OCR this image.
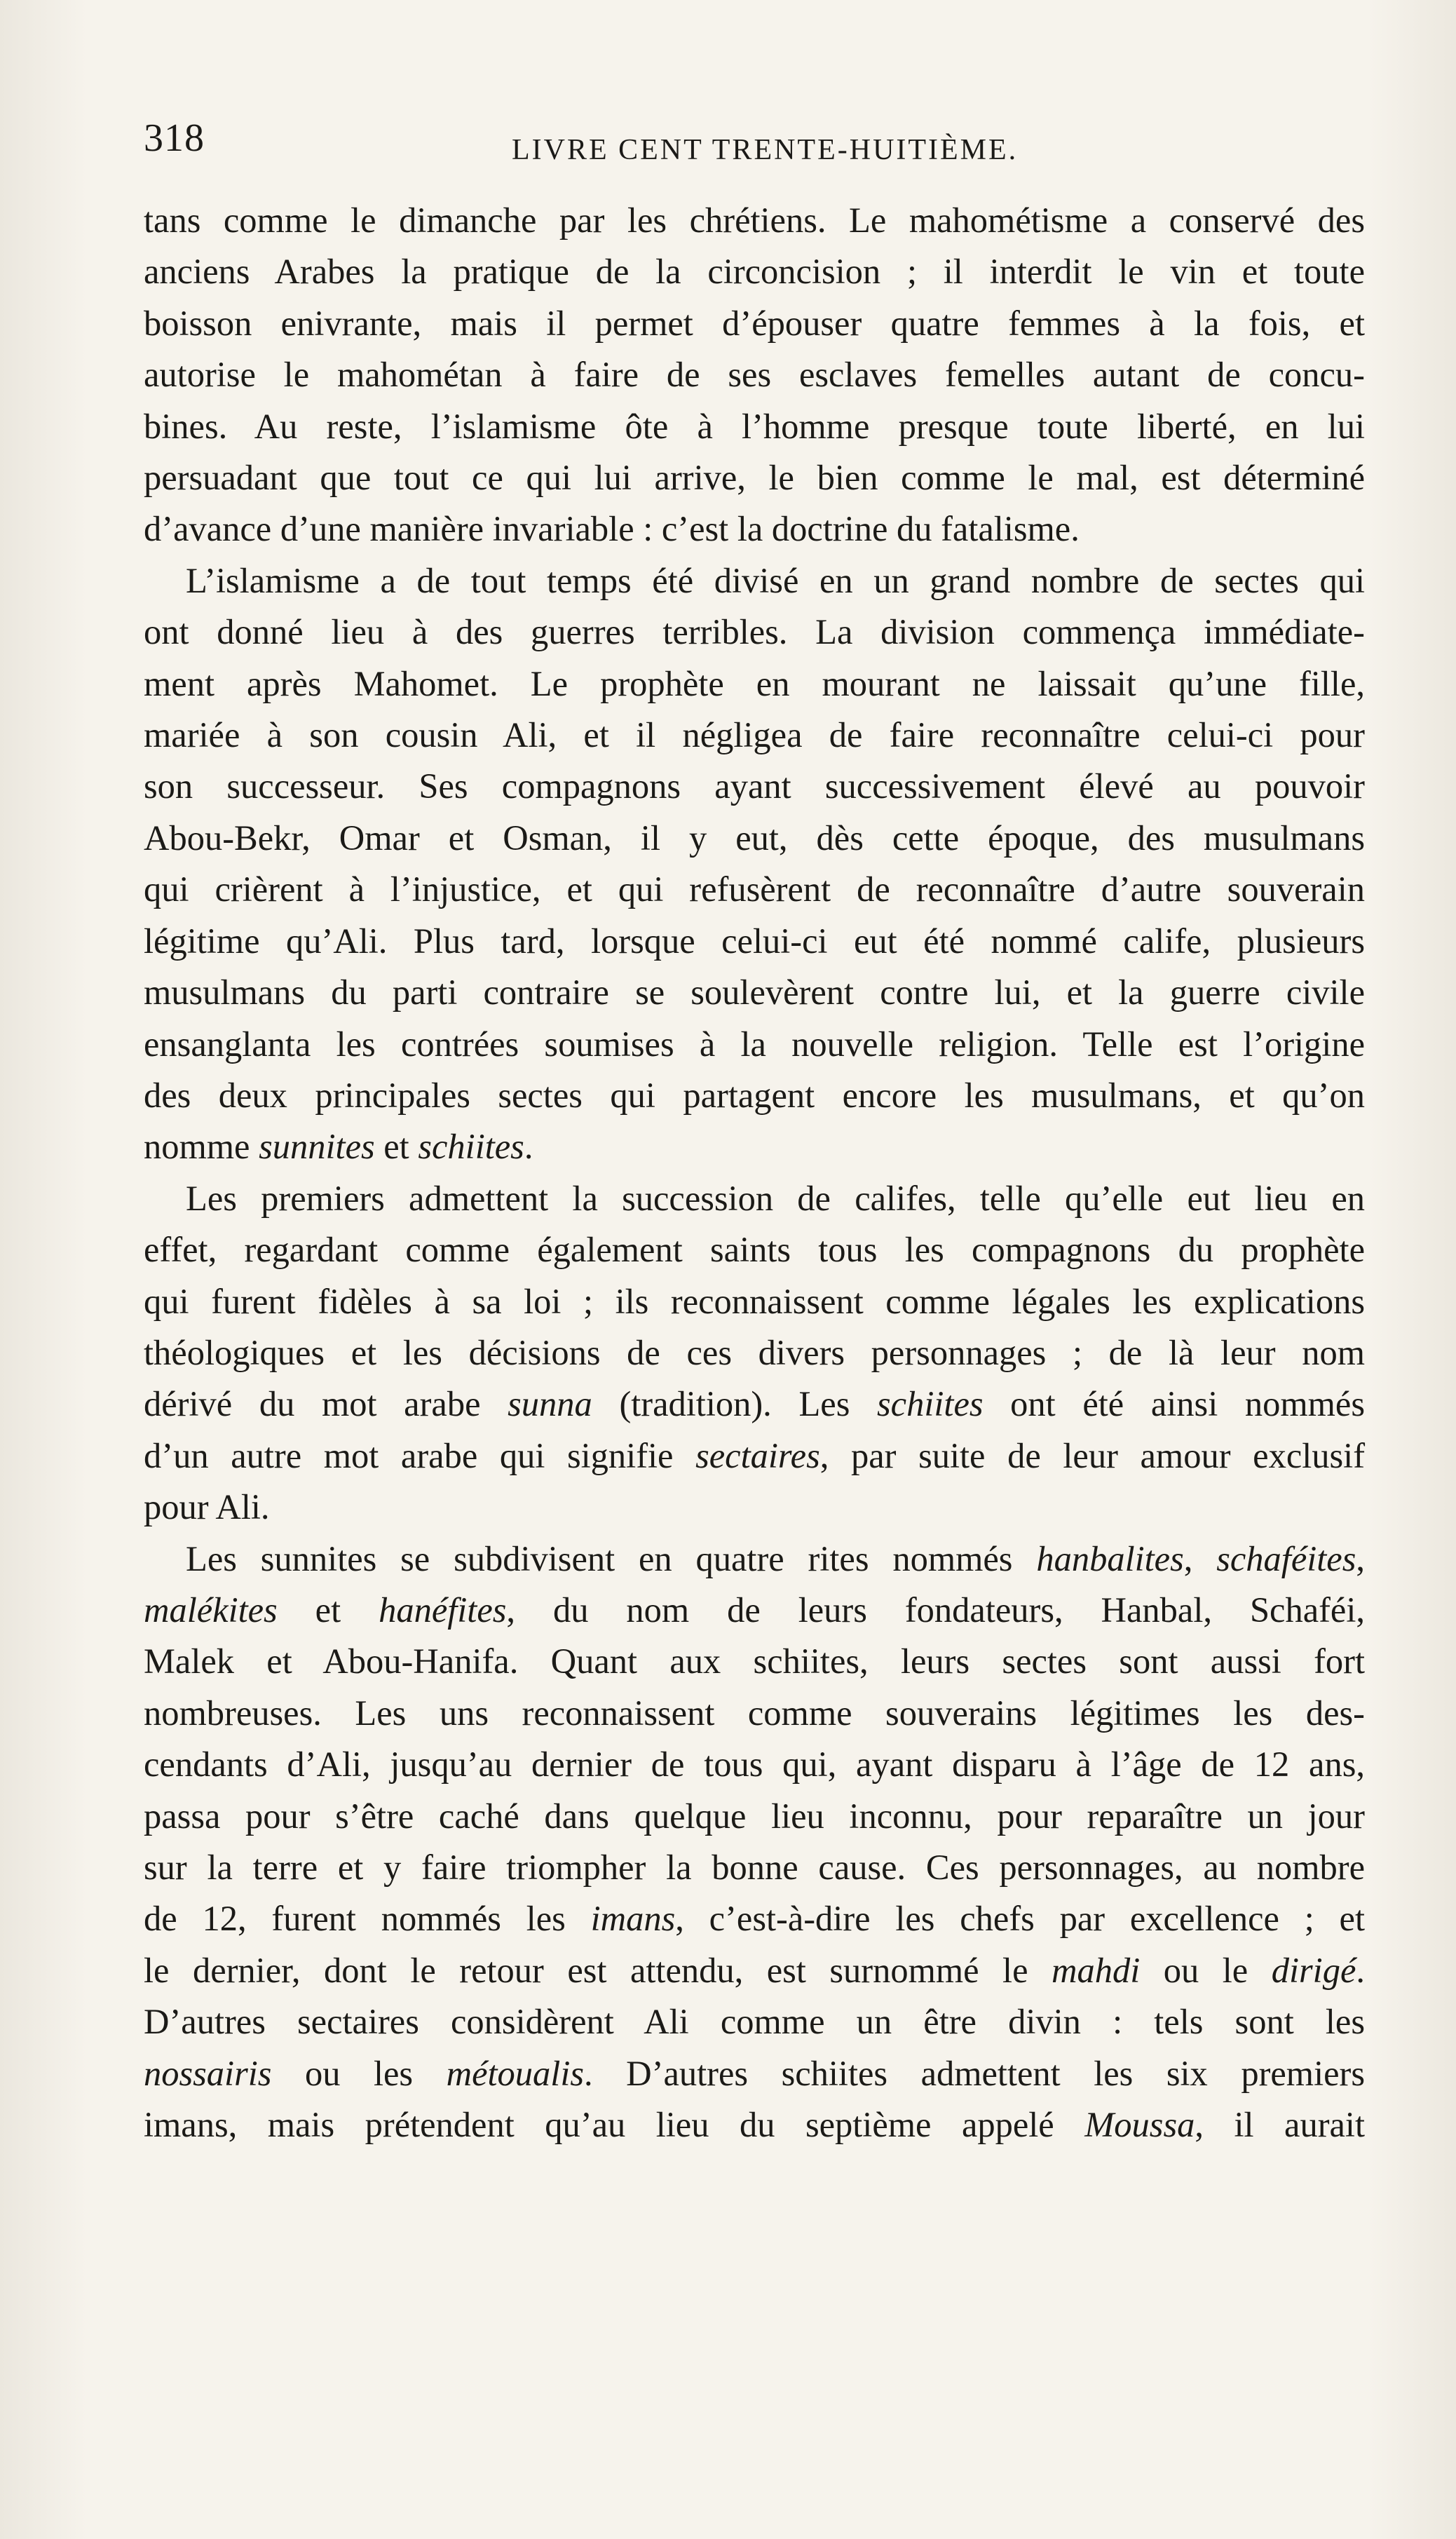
318	LIVRE CENT TRENTE-HUITIÈME.

tans comme le dimanche par les chrétiens. Le mahométisme a conservé des

anciens Arabes la pratique de la circoncision ; il interdit le vin et toute

boisson enivrante, mais il permet d’épouser quatre femmes à la fois, et

autorise le mahométan à faire de ses esclaves femelles autant de concu-

bines. Au reste, l’islamisme ôte à l’homme presque toute liberté, en lui

persuadant que tout ce qui lui arrive, le bien comme le mal, est déterminé

d’avance d’une manière invariable : c’est la doctrine du fatalisme.

L’islamisme a de tout temps été divisé en un grand nombre de sectes qui

ont donné lieu à des guerres terribles. La division commença immédiate-

ment après Mahomet. Le prophète en mourant ne laissait qu’une fille,

mariée à son cousin Ali, et il négligea de faire reconnaître celui-ci pour

son successeur. Ses compagnons ayant successivement élevé au pouvoir

Abou-Bekr, Omar et Osman, il y eut, dès cette époque, des musulmans

qui crièrent à l’injustice, et qui refusèrent de reconnaître d’autre souverain

légitime qu’Ali. Plus tard, lorsque celui-ci eut été nommé calife, plusieurs

musulmans du parti contraire se soulevèrent contre lui, et la guerre civile

ensanglanta les contrées soumises à la nouvelle religion. Telle est l’origine

des deux principales sectes qui partagent encore les musulmans, et qu’on

nomme sunnites et schiites.

Les premiers admettent la succession de califes, telle qu’elle eut lieu en

effet, regardant comme également saints tous les compagnons du prophète

qui furent fidèles à sa loi ; ils reconnaissent comme légales les explications

théologiques et les décisions de ces divers personnages ; de là leur nom

dérivé du mot arabe sunna (tradition). Les schiites ont été ainsi nommés

d’un autre mot arabe qui signifie sectaires, par suite de leur amour exclusif

pour Ali.

Les sunnites se subdivisent en quatre rites nommés hanbalites, schaféites,

malékites et hanéfites, du nom de leurs fondateurs, Hanbal, Schaféi,

Malek et Abou-Hanifa. Quant aux schiites, leurs sectes sont aussi fort

nombreuses. Les uns reconnaissent comme souverains légitimes les des-

cendants d’Ali, jusqu’au dernier de tous qui, ayant disparu à l’âge de 12 ans,

passa pour s’être caché dans quelque lieu inconnu, pour reparaître un jour

sur la terre et y faire triompher la bonne cause. Ces personnages, au nombre

de 12, furent nommés les imans, c’est-à-dire les chefs par excellence ; et

le dernier, dont le retour est attendu, est surnommé le mahdi ou le dirigé.

D’autres sectaires considèrent Ali comme un être divin : tels sont les

nossairis ou les métoualis. D’autres schiites admettent les six premiers

imans, mais prétendent qu’au lieu du septième appelé Moussa, il aurait
